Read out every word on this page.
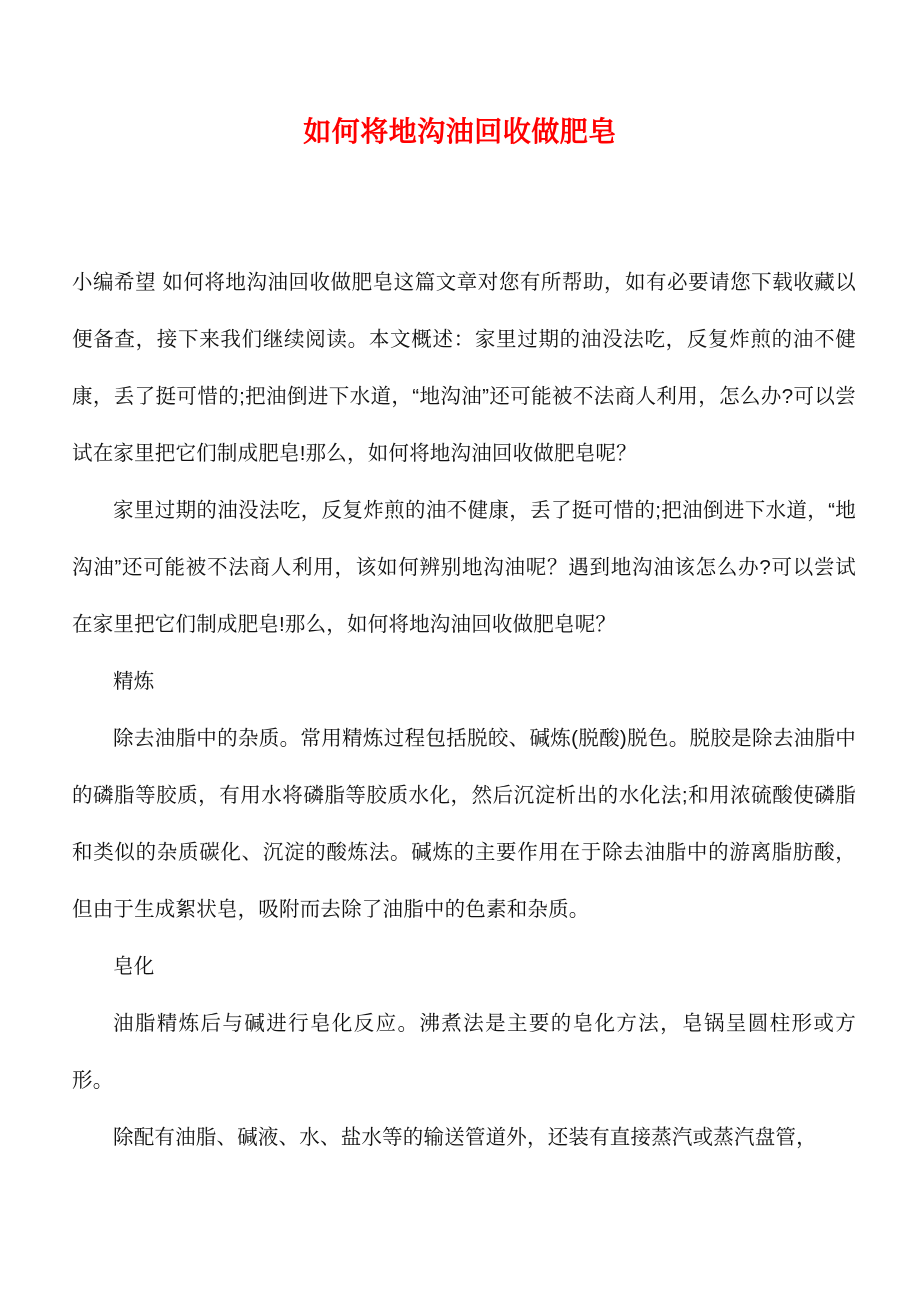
如何将地沟油回收做肥皂

小编希望 如何将地沟油回收做肥皂这篇文章对您有所帮助，如有必要请您下载收藏以便备查，接下来我们继续阅读。本文概述：家里过期的油没法吃，反复炸煎的油不健康，丢了挺可惜的;把油倒进下水道，“地沟油”还可能被不法商人利用，怎么办?可以尝试在家里把它们制成肥皂!那么，如何将地沟油回收做肥皂呢？

家里过期的油没法吃，反复炸煎的油不健康，丢了挺可惜的;把油倒进下水道，“地沟油”还可能被不法商人利用，该如何辨别地沟油呢？遇到地沟油该怎么办?可以尝试在家里把它们制成肥皂!那么，如何将地沟油回收做肥皂呢？

精炼

除去油脂中的杂质。常用精炼过程包括脱皎、碱炼(脱酸)脱色。脱胶是除去油脂中的磷脂等胶质，有用水将磷脂等胶质水化，然后沉淀析出的水化法;和用浓硫酸使磷脂和类似的杂质碳化、沉淀的酸炼法。碱炼的主要作用在于除去油脂中的游离脂肪酸，但由于生成絮状皂，吸附而去除了油脂中的色素和杂质。

皂化

油脂精炼后与碱进行皂化反应。沸煮法是主要的皂化方法，皂锅呈圆柱形或方形。

除配有油脂、碱液、水、盐水等的输送管道外，还装有直接蒸汽或蒸汽盘管，
